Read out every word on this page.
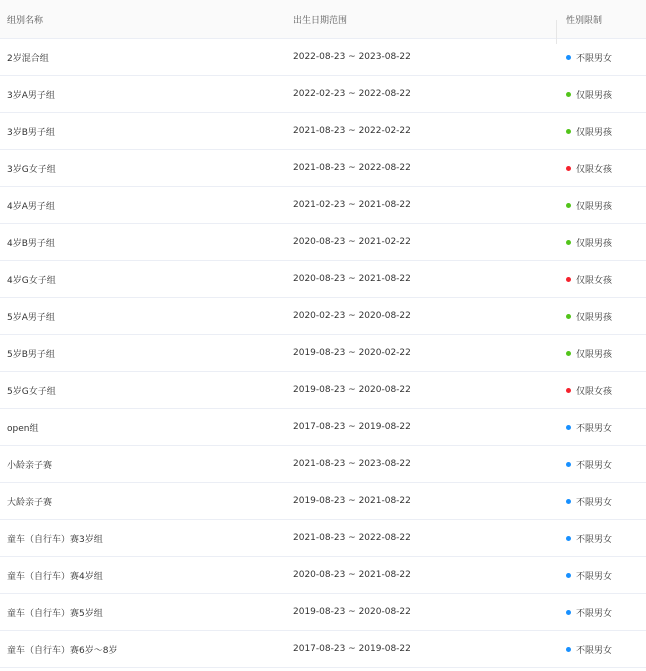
组别名称	出生日期范围	性别限制
2岁混合组	2022-08-23 ~ 2023-08-22	不限男女
3岁A男子组	2022-02-23 ~ 2022-08-22	仅限男孩
3岁B男子组	2021-08-23 ~ 2022-02-22	仅限男孩
3岁G女子组	2021-08-23 ~ 2022-08-22	仅限女孩
4岁A男子组	2021-02-23 ~ 2021-08-22	仅限男孩
4岁B男子组	2020-08-23 ~ 2021-02-22	仅限男孩
4岁G女子组	2020-08-23 ~ 2021-08-22	仅限女孩
5岁A男子组	2020-02-23 ~ 2020-08-22	仅限男孩
5岁B男子组	2019-08-23 ~ 2020-02-22	仅限男孩
5岁G女子组	2019-08-23 ~ 2020-08-22	仅限女孩
open组	2017-08-23 ~ 2019-08-22	不限男女
小龄亲子赛	2021-08-23 ~ 2023-08-22	不限男女
大龄亲子赛	2019-08-23 ~ 2021-08-22	不限男女
童车（自行车）赛3岁组	2021-08-23 ~ 2022-08-22	不限男女
童车（自行车）赛4岁组	2020-08-23 ~ 2021-08-22	不限男女
童车（自行车）赛5岁组	2019-08-23 ~ 2020-08-22	不限男女
童车（自行车）赛6岁～8岁	2017-08-23 ~ 2019-08-22	不限男女
